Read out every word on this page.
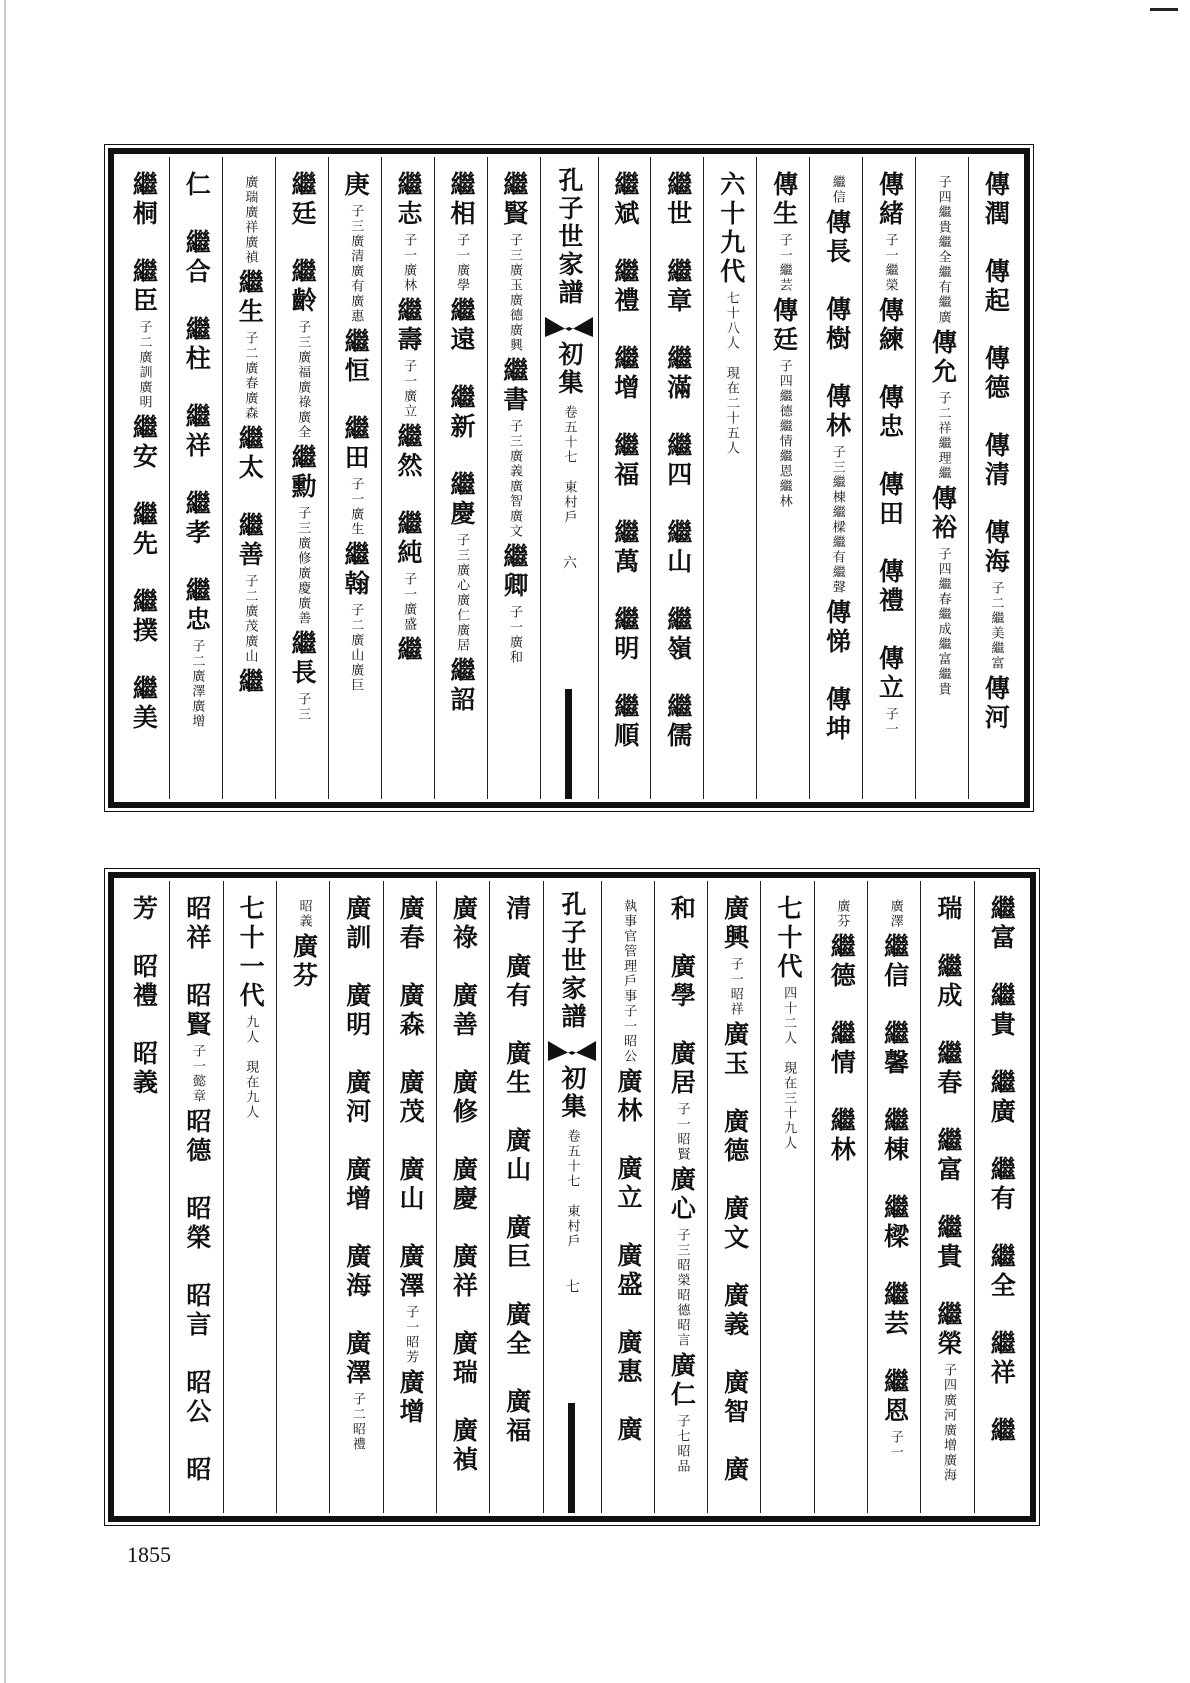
傳潤　傳起　傳德　傳清　傳海
子二繼美繼富
傳河
子四繼貴繼全繼有繼廣
傳允
子二祥繼理繼
傳裕
子四繼春繼成繼富繼貴
傳緒
子一繼榮
傳練　傳忠　傳田　傳禮　傳立
子一
繼信
傳長　傳樹　傳林
子三繼棟繼樑繼有繼聲
傳悌　傳坤
傳生
子一繼芸
傳廷
子四繼德繼情繼恩繼林
六十九代
七十八人　現在二十五人
繼世　繼章　繼滿　繼四　繼山　繼嶺　繼儒
繼斌　繼禮　繼增　繼福　繼萬　繼明　繼順
孔子世家譜
初集
卷五十七　東村戶
六
繼賢
子三廣玉廣德廣興
繼書
子三廣義廣智廣文
繼卿
子一廣和
繼相
子一廣學
繼遠　繼新　繼慶
子三廣心廣仁廣居
繼詔
繼志
子一廣林
繼壽
子一廣立
繼然　繼純
子一廣盛
繼
庚
子三廣清廣有廣惠
繼恒　繼田
子一廣生
繼翰
子二廣山廣巨
繼廷　繼齡
子三廣福廣祿廣全
繼勳
子三廣修廣慶廣善
繼長
子三
廣瑞廣祥廣禎
繼生
子二廣春廣森
繼太　繼善
子二廣茂廣山
繼
仁　繼合　繼柱　繼祥　繼孝　繼忠
子二廣澤廣增
繼桐　繼臣
子二廣訓廣明
繼安　繼先　繼撲　繼美
繼富　繼貴　繼廣　繼有　繼全　繼祥　繼
瑞　繼成　繼春　繼富　繼貴　繼榮
子四廣河廣增廣海
廣澤
繼信　繼馨　繼棟　繼樑　繼芸　繼恩
子一
廣芬
繼德　繼情　繼林
七十代
四十二人　現在三十九人
廣興
子一昭祥
廣玉　廣德　廣文　廣義　廣智　廣
和　廣學　廣居
子一昭賢
廣心
子三昭榮昭德昭言
廣仁
子七昭品
執事官管理戶事子一昭公
廣林　廣立　廣盛　廣惠　廣
孔子世家譜
初集
卷五十七　東村戶
七
清　廣有　廣生　廣山　廣巨　廣全　廣福
廣祿　廣善　廣修　廣慶　廣祥　廣瑞　廣禎
廣春　廣森　廣茂　廣山　廣澤
子一昭芳
廣增
廣訓　廣明　廣河　廣增　廣海　廣澤
子二昭禮
昭義
廣芬
七十一代
九人　現在九人
昭祥　昭賢
子一懿章
昭德　昭榮　昭言　昭公　昭
芳　昭禮　昭義
1855
